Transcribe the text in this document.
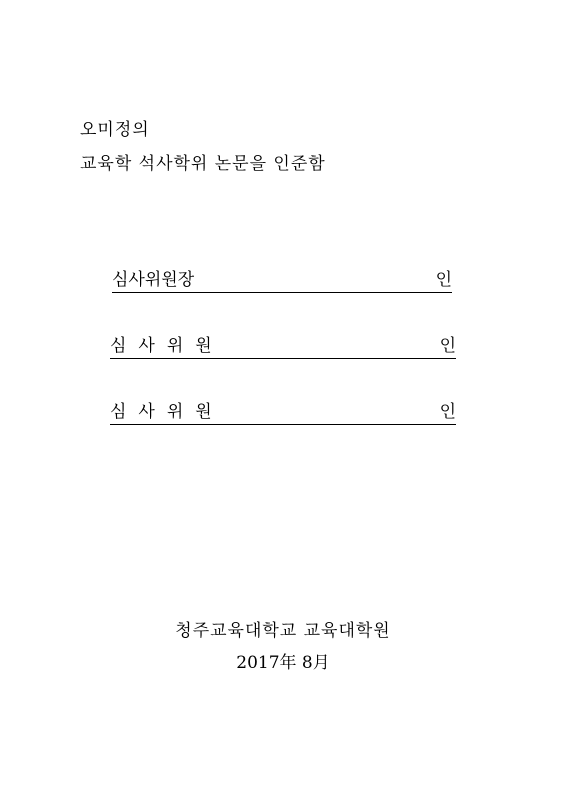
오미정의
교육학 석사학위 논문을 인준함
심사위원장	인
심사위원	인
심사위원	인
청주교육대학교 교육대학원
2017年 8月
